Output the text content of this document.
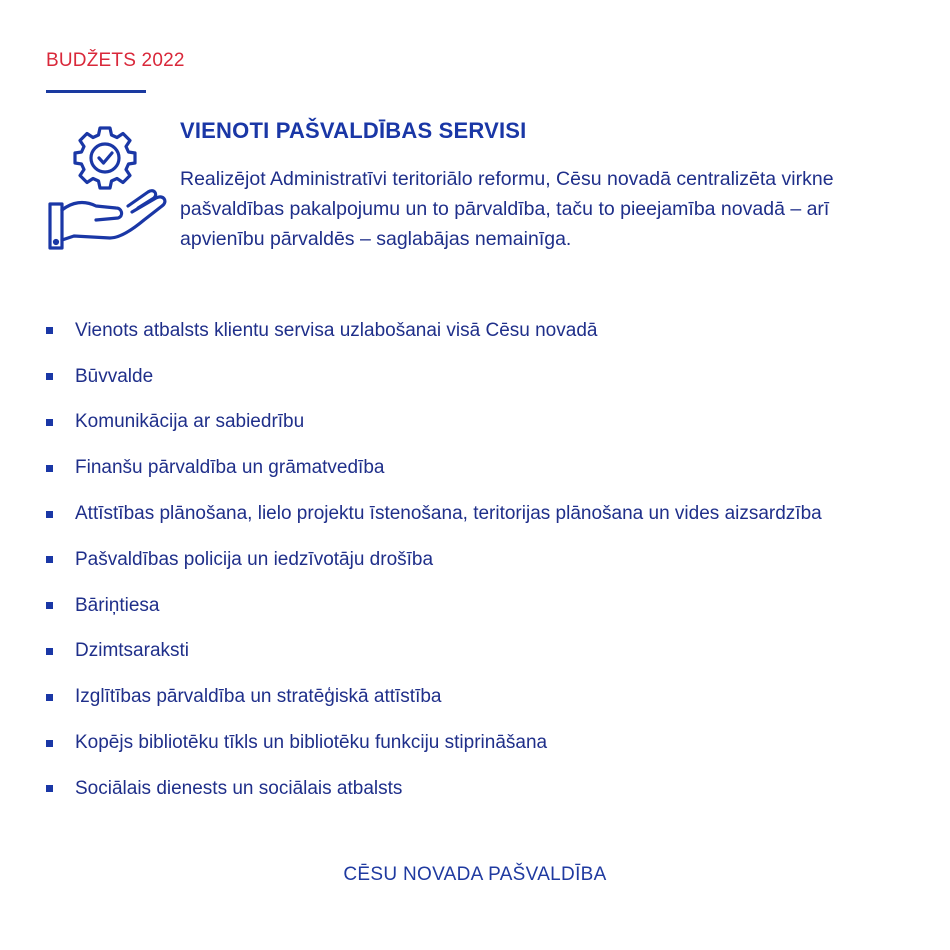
BUDŽETS 2022
VIENOTI PAŠVALDĪBAS SERVISI
Realizējot Administratīvi teritoriālo reformu, Cēsu novadā centralizēta virkne pašvaldības pakalpojumu un to pārvaldība, taču to pieejamība novadā – arī apvienību pārvaldēs – saglabājas nemainīga.
Vienots atbalsts klientu servisa uzlabošanai visā Cēsu novadā
Būvvalde
Komunikācija ar sabiedrību
Finanšu pārvaldība un grāmatvedība
Attīstības plānošana, lielo projektu īstenošana, teritorijas plānošana un vides aizsardzība
Pašvaldības policija un iedzīvotāju drošība
Bāriņtiesa
Dzimtsaraksti
Izglītības pārvaldība un stratēģiskā attīstība
Kopējs bibliotēku tīkls un bibliotēku funkciju stiprināšana
Sociālais dienests un sociālais atbalsts
CĒSU NOVADA PAŠVALDĪBA
